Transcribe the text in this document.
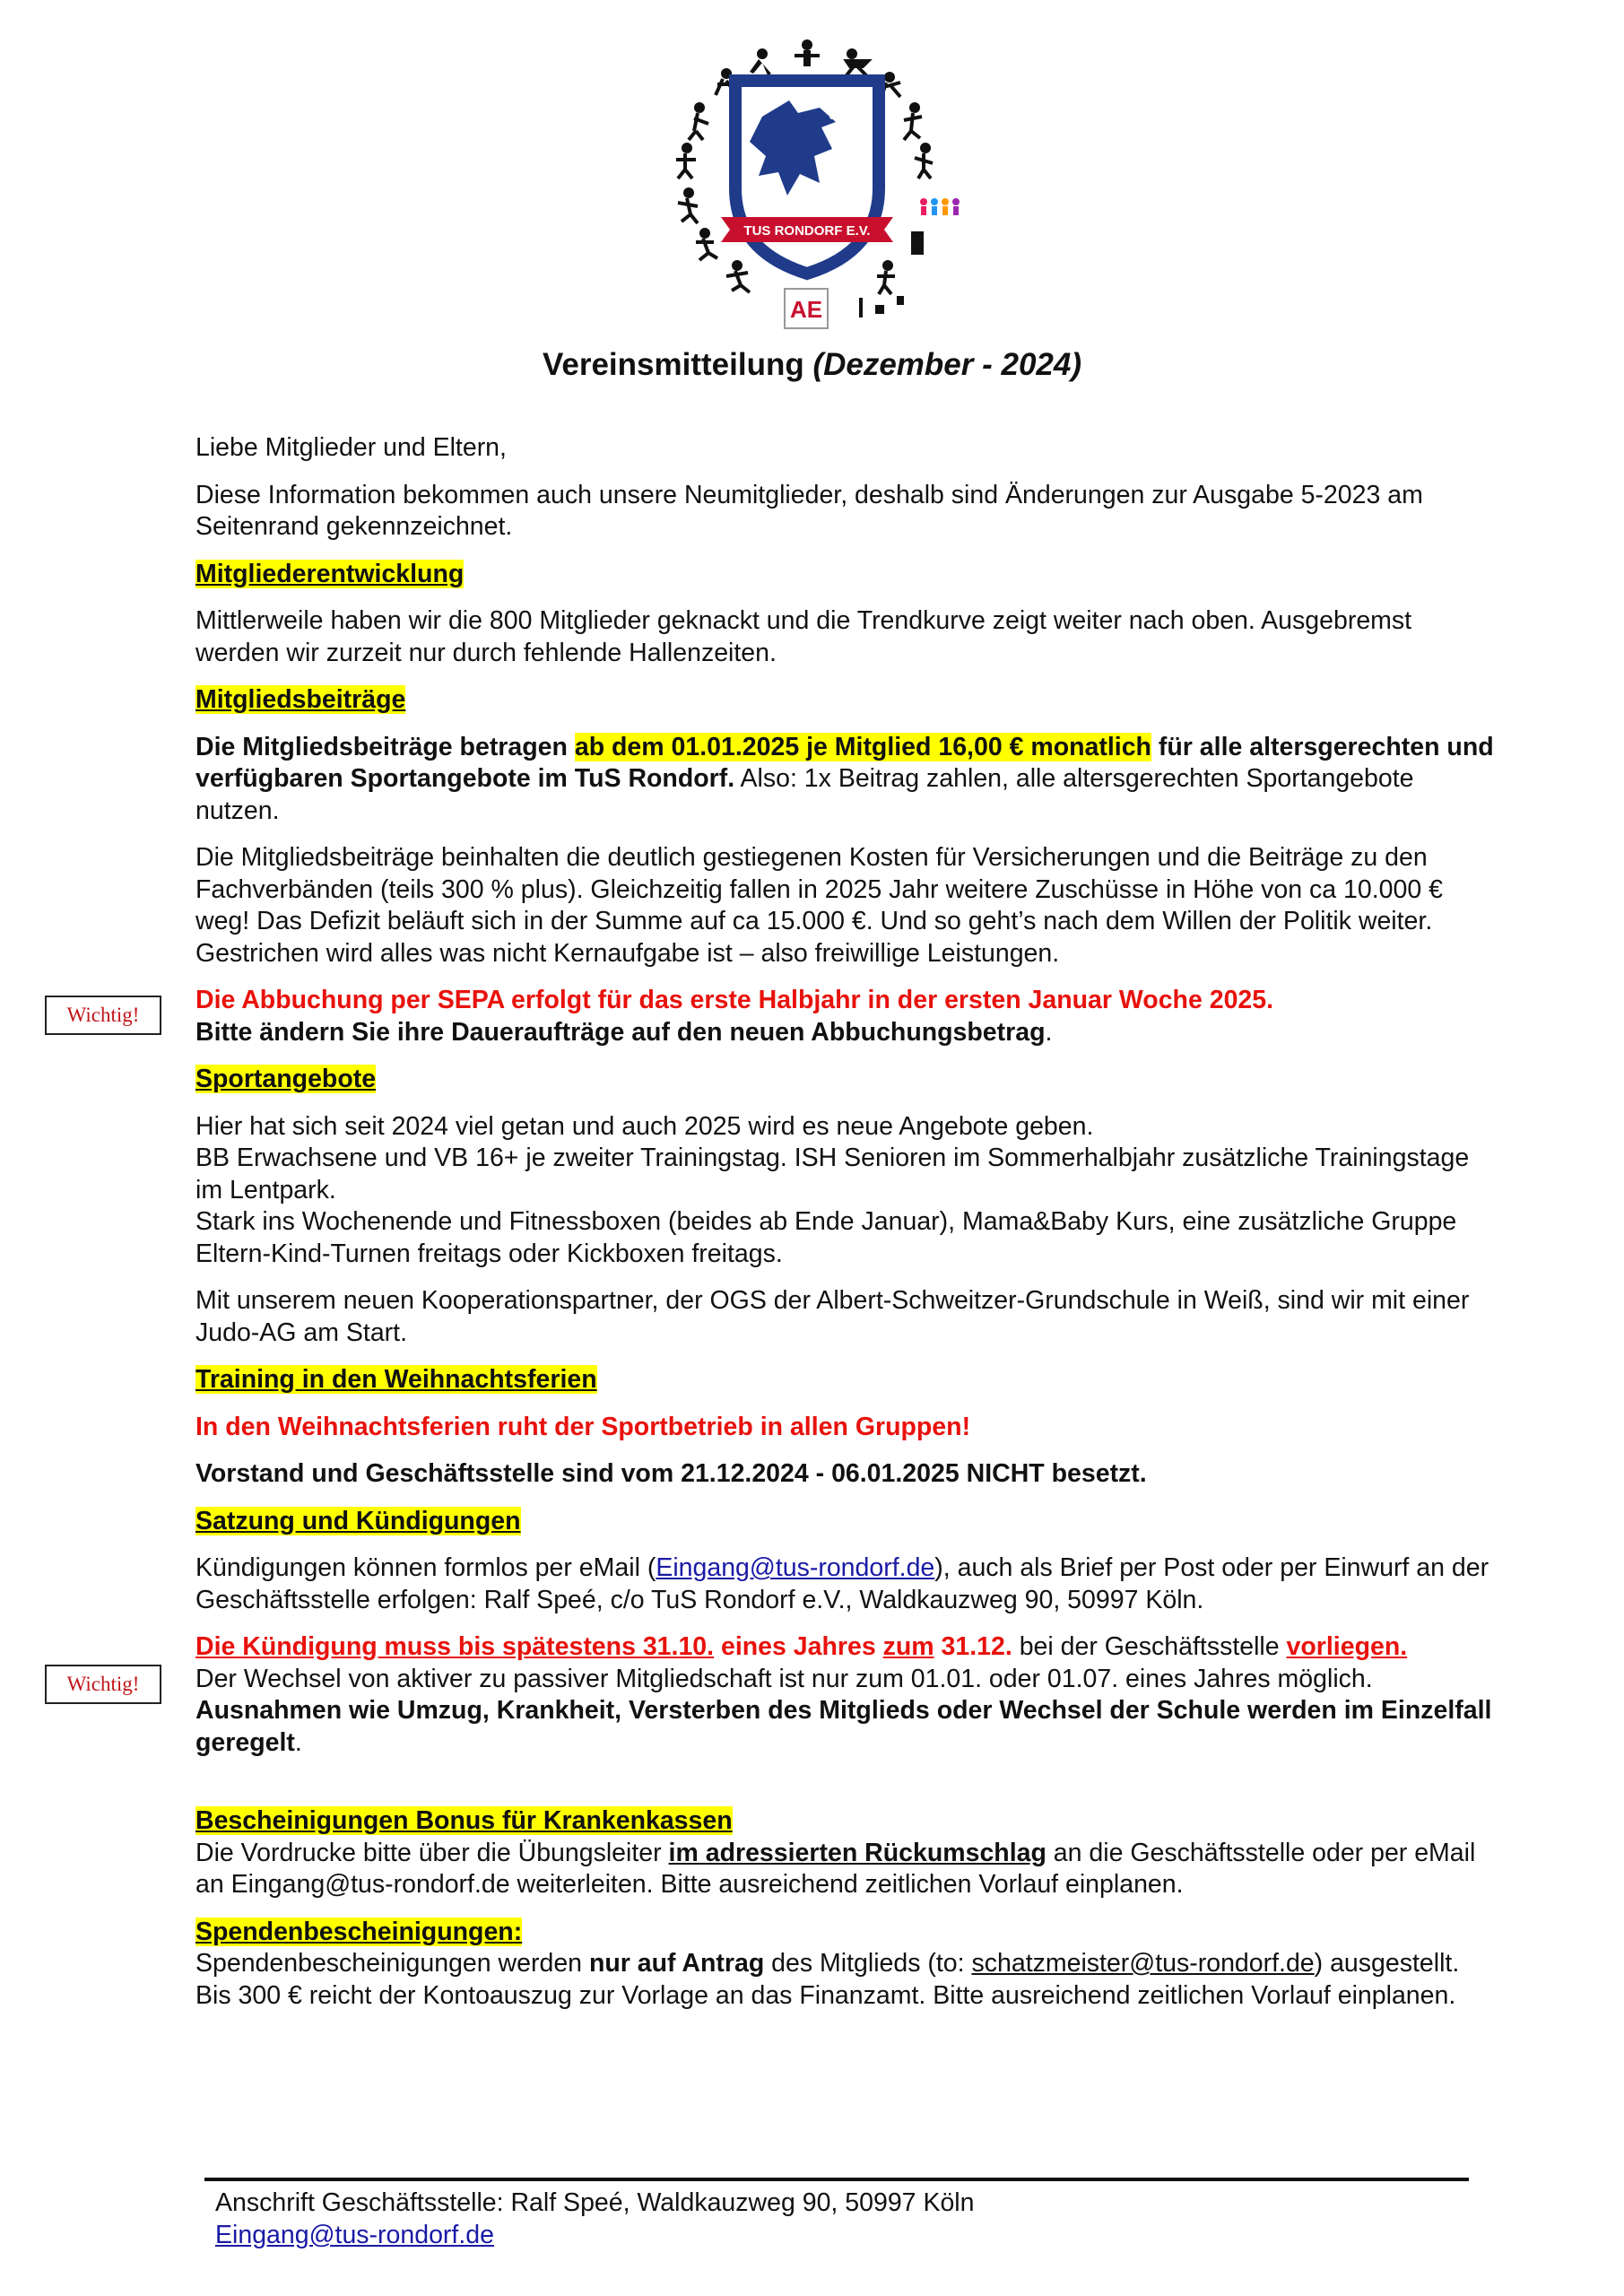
TUS RONDORF E.V.
AE
Vereinsmitteilung (Dezember - 2024)
Wichtig!
Wichtig!

Liebe Mitglieder und Eltern,

Diese Information bekommen auch unsere Neumitglieder, deshalb sind Änderungen zur Ausgabe 5-2023 am Seitenrand gekennzeichnet.

Mitgliederentwicklung

Mittlerweile haben wir die 800 Mitglieder geknackt und die Trendkurve zeigt weiter nach oben. Ausgebremst werden wir zurzeit nur durch fehlende Hallenzeiten.

Mitgliedsbeiträge

Die Mitgliedsbeiträge betragen ab dem 01.01.2025 je Mitglied 16,00 € monatlich für alle altersgerechten und verfügbaren Sportangebote im TuS Rondorf. Also: 1x Beitrag zahlen, alle altersgerechten Sportangebote nutzen.

Die Mitgliedsbeiträge beinhalten die deutlich gestiegenen Kosten für Versicherungen und die Beiträge zu den Fachverbänden (teils 300 % plus). Gleichzeitig fallen in 2025 Jahr weitere Zuschüsse in Höhe von ca 10.000 € weg! Das Defizit beläuft sich in der Summe auf ca 15.000 €. Und so geht’s nach dem Willen der Politik weiter. Gestrichen wird alles was nicht Kernaufgabe ist – also freiwillige Leistungen.

Die Abbuchung per SEPA erfolgt für das erste Halbjahr in der ersten Januar Woche 2025.
Bitte ändern Sie ihre Daueraufträge auf den neuen Abbuchungsbetrag.

Sportangebote

Hier hat sich seit 2024 viel getan und auch 2025 wird es neue Angebote geben.
BB Erwachsene und VB 16+ je zweiter Trainingstag. ISH Senioren im Sommerhalbjahr zusätzliche Trainingstage im Lentpark.
Stark ins Wochenende und Fitnessboxen (beides ab Ende Januar), Mama&Baby Kurs, eine zusätzliche Gruppe Eltern-Kind-Turnen freitags oder Kickboxen freitags.

Mit unserem neuen Kooperationspartner, der OGS der Albert-Schweitzer-Grundschule in Weiß, sind wir mit einer Judo-AG am Start.

Training in den Weihnachtsferien

In den Weihnachtsferien ruht der Sportbetrieb in allen Gruppen!

Vorstand und Geschäftsstelle sind vom 21.12.2024 - 06.01.2025 NICHT besetzt.

Satzung und Kündigungen

Kündigungen können formlos per eMail (Eingang@tus-rondorf.de), auch als Brief per Post oder per Einwurf an der Geschäftsstelle erfolgen: Ralf Speé, c/o TuS Rondorf e.V., Waldkauzweg 90, 50997 Köln.

Die Kündigung muss bis spätestens 31.10. eines Jahres zum 31.12. bei der Geschäftsstelle vorliegen.
Der Wechsel von aktiver zu passiver Mitgliedschaft ist nur zum 01.01. oder 01.07. eines Jahres möglich.
Ausnahmen wie Umzug, Krankheit, Versterben des Mitglieds oder Wechsel der Schule werden im Einzelfall geregelt.

Bescheinigungen Bonus für Krankenkassen
Die Vordrucke bitte über die Übungsleiter im adressierten Rückumschlag an die Geschäftsstelle oder per eMail an Eingang@tus-rondorf.de weiterleiten. Bitte ausreichend zeitlichen Vorlauf einplanen.

Spendenbescheinigungen:
Spendenbescheinigungen werden nur auf Antrag des Mitglieds (to: schatzmeister@tus-rondorf.de) ausgestellt. Bis 300 € reicht der Kontoauszug zur Vorlage an das Finanzamt. Bitte ausreichend zeitlichen Vorlauf einplanen.

Anschrift Geschäftsstelle: Ralf Speé, Waldkauzweg 90, 50997 Köln
Eingang@tus-rondorf.de
